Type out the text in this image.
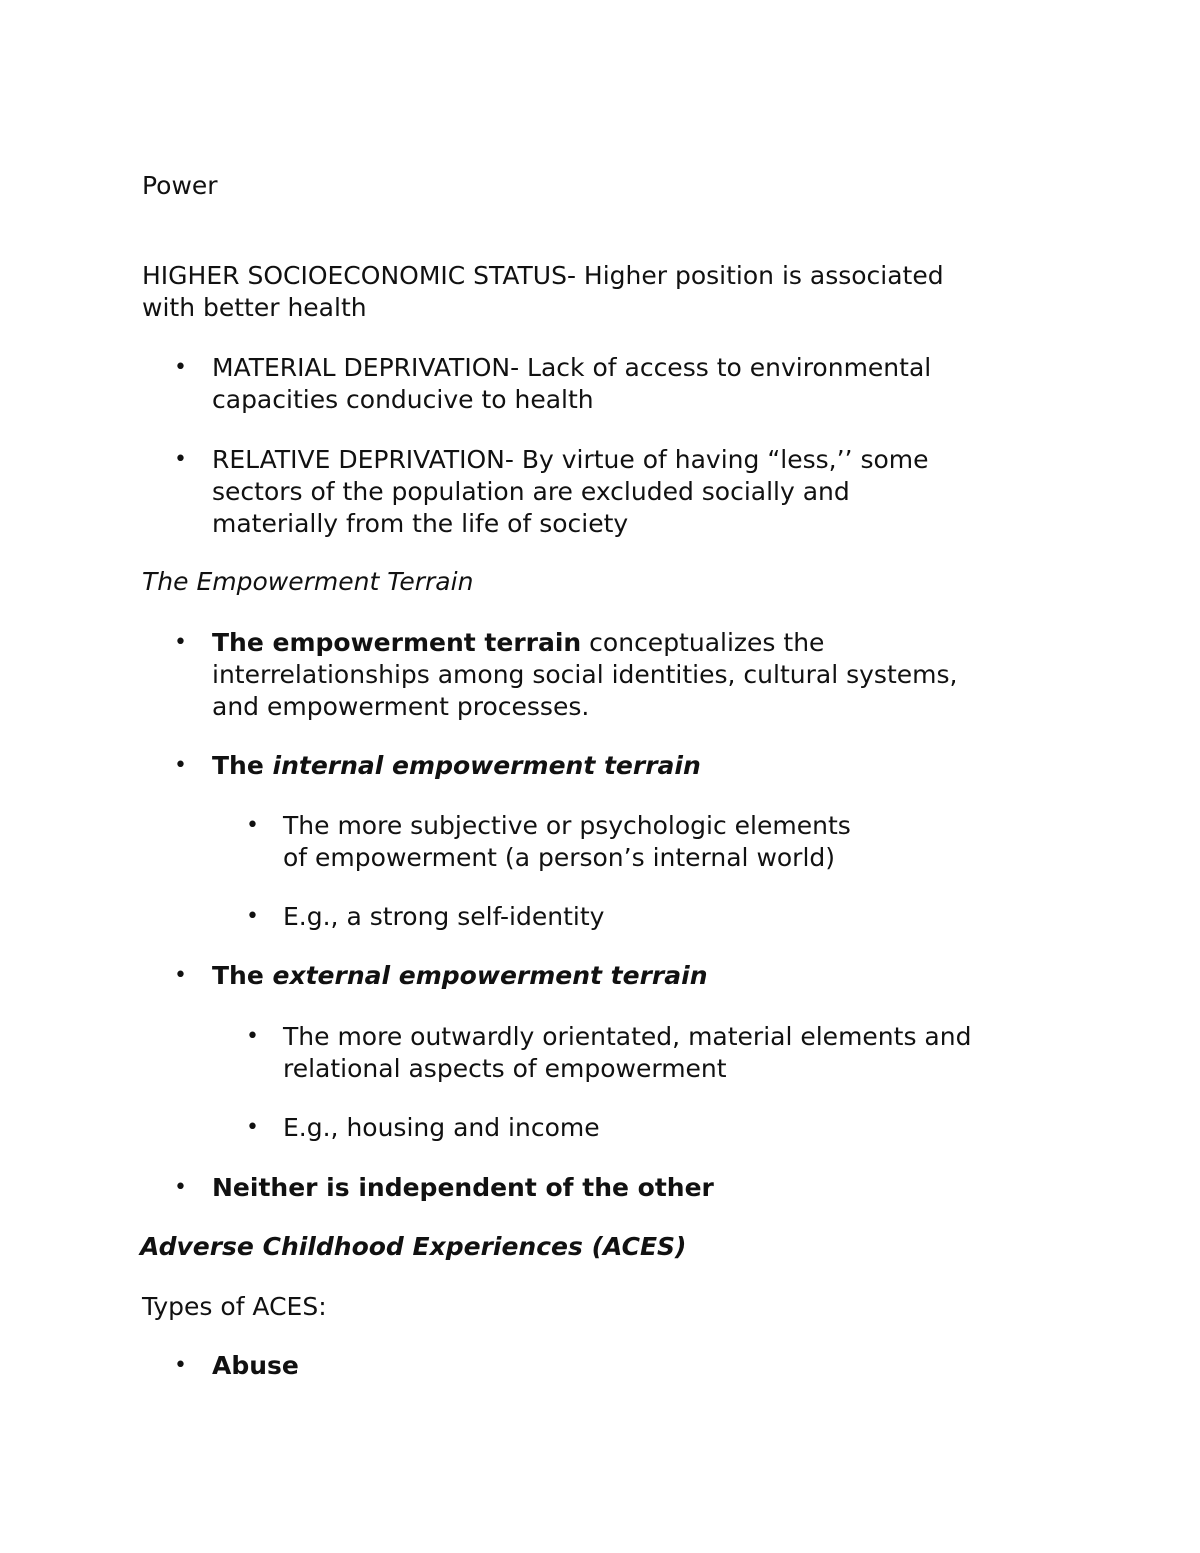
Power
HIGHER SOCIOECONOMIC STATUS- Higher position is associated
with better health
• MATERIAL DEPRIVATION- Lack of access to environmental
capacities conducive to health
• RELATIVE DEPRIVATION- By virtue of having “less,’’ some
sectors of the population are excluded socially and
materially from the life of society
The Empowerment Terrain
• The empowerment terrain conceptualizes the
interrelationships among social identities, cultural systems,
and empowerment processes.
• The internal empowerment terrain
• The more subjective or psychologic elements
of empowerment (a person’s internal world)
• E.g., a strong self-identity
• The external empowerment terrain
• The more outwardly orientated, material elements and
relational aspects of empowerment
• E.g., housing and income
• Neither is independent of the other
Adverse Childhood Experiences (ACES)
Types of ACES:
• Abuse
